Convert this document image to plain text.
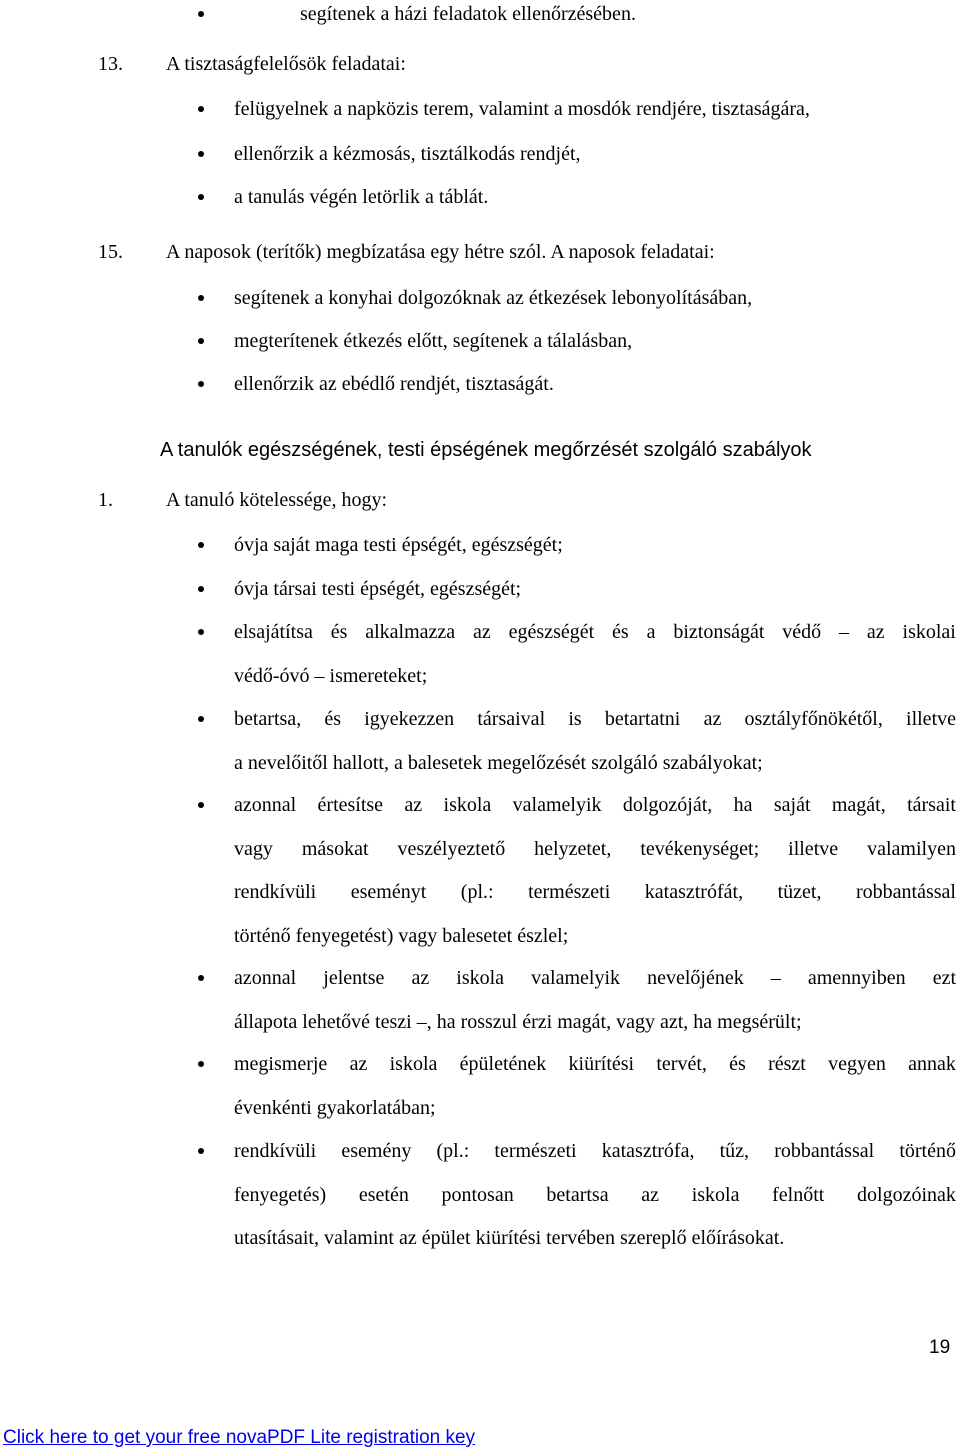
segítenek a házi feladatok ellenőrzésében.
13. A tisztaságfelelősök feladatai:
felügyelnek a napközis terem, valamint a mosdók rendjére, tisztaságára,
ellenőrzik a kézmosás, tisztálkodás rendjét,
a tanulás végén letörlik a táblát.
15. A naposok (terítők) megbízatása egy hétre szól. A naposok feladatai:
segítenek a konyhai dolgozóknak az étkezések lebonyolításában,
megterítenek étkezés előtt, segítenek a tálalásban,
ellenőrzik az ebédlő rendjét, tisztaságát.
A tanulók egészségének, testi épségének megőrzését szolgáló szabályok
1.	A tanuló kötelessége, hogy:
óvja saját maga testi épségét, egészségét;
óvja társai testi épségét, egészségét;
elsajátítsa és alkalmazza az egészségét és a biztonságát védő – az iskolai
védő-óvó – ismereteket;
betartsa, és igyekezzen társaival is betartatni az osztályfőnökétől, illetve
a nevelőitől hallott, a balesetek megelőzését szolgáló szabályokat;
azonnal értesítse az iskola valamelyik dolgozóját, ha saját magát, társait
vagy másokat veszélyeztető helyzetet, tevékenységet; illetve valamilyen
rendkívüli eseményt (pl.: természeti katasztrófát, tüzet, robbantással
történő fenyegetést) vagy balesetet észlel;
azonnal jelentse az iskola valamelyik nevelőjének – amennyiben ezt
állapota lehetővé teszi –, ha rosszul érzi magát, vagy azt, ha megsérült;
megismerje az iskola épületének kiürítési tervét, és részt vegyen annak
évenkénti gyakorlatában;
rendkívüli esemény (pl.: természeti katasztrófa, tűz, robbantással történő
fenyegetés) esetén pontosan betartsa az iskola felnőtt dolgozóinak
utasításait, valamint az épület kiürítési tervében szereplő előírásokat.
19
Click here to get your free novaPDF Lite registration key
